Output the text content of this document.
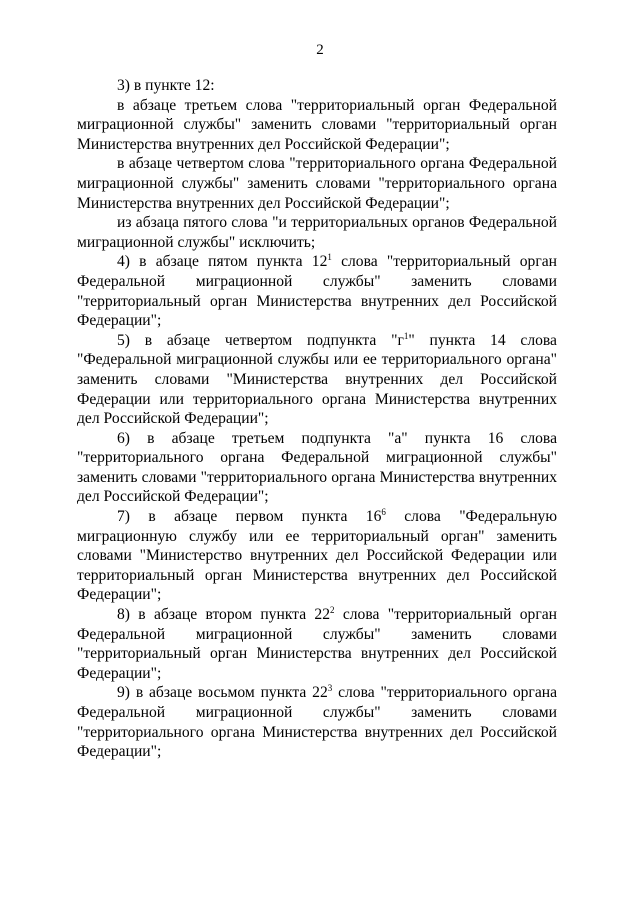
2

3) в пункте 12:

в абзаце третьем слова "территориальный орган Федеральной миграционной службы" заменить словами "территориальный орган Министерства внутренних дел Российской Федерации";

в абзаце четвертом слова "территориального органа Федеральной миграционной службы" заменить словами "территориального органа Министерства внутренних дел Российской Федерации";

из абзаца пятого слова "и территориальных органов Федеральной миграционной службы" исключить;

4) в абзаце пятом пункта $12^1$ слова "территориальный орган Федеральной миграционной службы" заменить словами "территориальный орган Министерства внутренних дел Российской Федерации";

5) в абзаце четвертом подпункта "$г^1$" пункта 14 слова "Федеральной миграционной службы или ее территориального органа" заменить словами "Министерства внутренних дел Российской Федерации или территориального органа Министерства внутренних дел Российской Федерации";

6) в абзаце третьем подпункта "а" пункта 16 слова "территориального органа Федеральной миграционной службы" заменить словами "территориального органа Министерства внутренних дел Российской Федерации";

7) в абзаце первом пункта $16^6$ слова "Федеральную миграционную службу или ее территориальный орган" заменить словами "Министерство внутренних дел Российской Федерации или территориальный орган Министерства внутренних дел Российской Федерации";

8) в абзаце втором пункта $22^2$ слова "территориальный орган Федеральной миграционной службы" заменить словами "территориальный орган Министерства внутренних дел Российской Федерации";

9) в абзаце восьмом пункта $22^3$ слова "территориального органа Федеральной миграционной службы" заменить словами "территориального органа Министерства внутренних дел Российской Федерации";
